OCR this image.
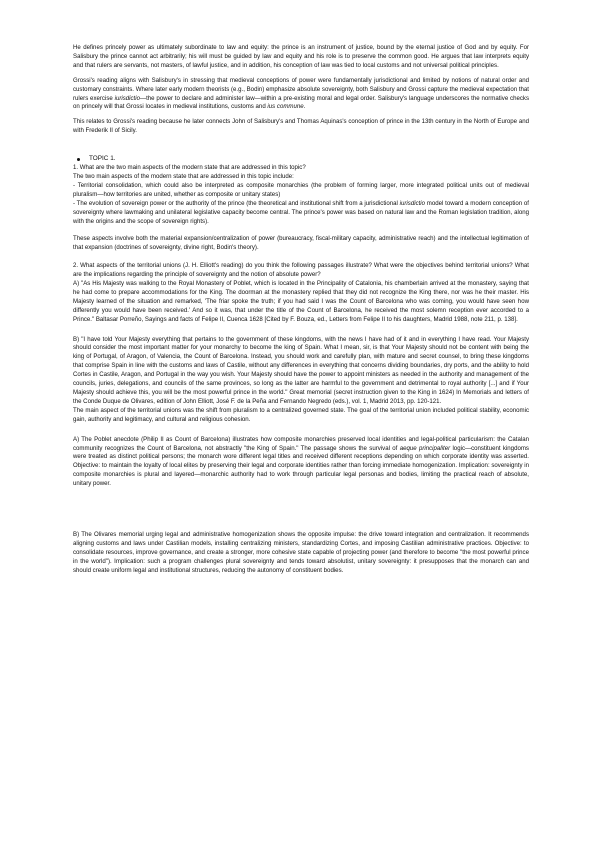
He defines princely power as ultimately subordinate to law and equity: the prince is an instrument of justice, bound by the eternal justice of God and by equity. For Salisbury the prince cannot act arbitrarily; his will must be guided by law and equity and his role is to preserve the common good. He argues that law interprets equity and that rulers are servants, not masters, of lawful justice, and in addition, his conception of law was tied to local customs and not universal political principles.

Grossi's reading aligns with Salisbury's in stressing that medieval conceptions of power were fundamentally jurisdictional and limited by notions of natural order and customary constraints. Where later early modern theorists (e.g., Bodin) emphasize absolute sovereignty, both Salisbury and Grossi capture the medieval expectation that rulers exercise iurisdictio—the power to declare and administer law—within a pre-existing moral and legal order. Salisbury's language underscores the normative checks on princely will that Grossi locates in medieval institutions, customs and ius commune.

This relates to Grossi's reading because he later connects John of Salisbury's and Thomas Aquinas's conception of prince in the 13th century in the North of Europe and with Frederik II of Sicily.

TOPIC 1.

1. What are the two main aspects of the modern state that are addressed in this topic?

The two main aspects of the modern state that are addressed in this topic include:

- Territorial consolidation, which could also be interpreted as composite monarchies (the problem of forming larger, more integrated political units out of medieval pluralism—how territories are united, whether as composite or unitary states)

- The evolution of sovereign power or the authority of the prince (the theoretical and institutional shift from a jurisdictional iurisdictio model toward a modern conception of sovereignty where lawmaking and unilateral legislative capacity become central. The prince's power was based on natural law and the Roman legislation tradition, along with the origins and the scope of sovereign rights).

These aspects involve both the material expansion/centralization of power (bureaucracy, fiscal-military capacity, administrative reach) and the intellectual legitimation of that expansion (doctrines of sovereignty, divine right, Bodin's theory).

2. What aspects of the territorial unions (J. H. Elliott's reading) do you think the following passages illustrate? What were the objectives behind territorial unions? What are the implications regarding the principle of sovereignty and the notion of absolute power?

A) "As His Majesty was walking to the Royal Monastery of Poblet, which is located in the Principality of Catalonia, his chamberlain arrived at the monastery, saying that he had come to prepare accommodations for the King. The doorman at the monastery replied that they did not recognize the King there, nor was he their master. His Majesty learned of the situation and remarked, 'The friar spoke the truth; if you had said I was the Count of Barcelona who was coming, you would have seen how differently you would have been received.' And so it was, that under the title of the Count of Barcelona, he received the most solemn reception ever accorded to a Prince." Baltasar Porreño, Sayings and facts of Felipe II, Cuenca 1628 [Cited by F. Bouza, ed., Letters from Felipe II to his daughters, Madrid 1988, note 211, p. 138].

B) "I have told Your Majesty everything that pertains to the government of these kingdoms, with the news I have had of it and in everything I have read. Your Majesty should consider the most important matter for your monarchy to become the king of Spain. What I mean, sir, is that Your Majesty should not be content with being the king of Portugal, of Aragon, of Valencia, the Count of Barcelona. Instead, you should work and carefully plan, with mature and secret counsel, to bring these kingdoms that comprise Spain in line with the customs and laws of Castile, without any differences in everything that concerns dividing boundaries, dry ports, and the ability to hold Cortes in Castile, Aragon, and Portugal in the way you wish. Your Majesty should have the power to appoint ministers as needed in the authority and management of the councils, juries, delegations, and councils of the same provinces, so long as the latter are harmful to the government and detrimental to royal authority [...] and if Your Majesty should achieve this, you will be the most powerful prince in the world." Great memorial (secret instruction given to the King in 1624) In Memorials and letters of the Conde Duque de Olivares, edition of John Elliott, José F. de la Peña and Fernando Negredo (eds.), vol. 1, Madrid 2013, pp. 120-121.

The main aspect of the territorial unions was the shift from pluralism to a centralized governed state. The goal of the territorial union included political stability, economic gain, authority and legitimacy, and cultural and religious cohesion.

A) The Poblet anecdote (Philip II as Count of Barcelona) illustrates how composite monarchies preserved local identities and legal-political particularism: the Catalan community recognizes the Count of Barcelona, not abstractly "the King of Spain." The passage shows the survival of aeque principaliter logic—constituent kingdoms were treated as distinct political persons; the monarch wore different legal titles and received different receptions depending on which corporate identity was asserted. Objective: to maintain the loyalty of local elites by preserving their legal and corporate identities rather than forcing immediate homogenization. Implication: sovereignty in composite monarchies is plural and layered—monarchic authority had to work through particular legal personas and bodies, limiting the practical reach of absolute, unitary power.

B) The Olivares memorial urging legal and administrative homogenization shows the opposite impulse: the drive toward integration and centralization. It recommends aligning customs and laws under Castilian models, installing centralizing ministers, standardizing Cortes, and imposing Castilian administrative practices. Objective: to consolidate resources, improve governance, and create a stronger, more cohesive state capable of projecting power (and therefore to become "the most powerful prince in the world"). Implication: such a program challenges plural sovereignty and tends toward absolutist, unitary sovereignty: it presupposes that the monarch can and should create uniform legal and institutional structures, reducing the autonomy of constituent bodies.
